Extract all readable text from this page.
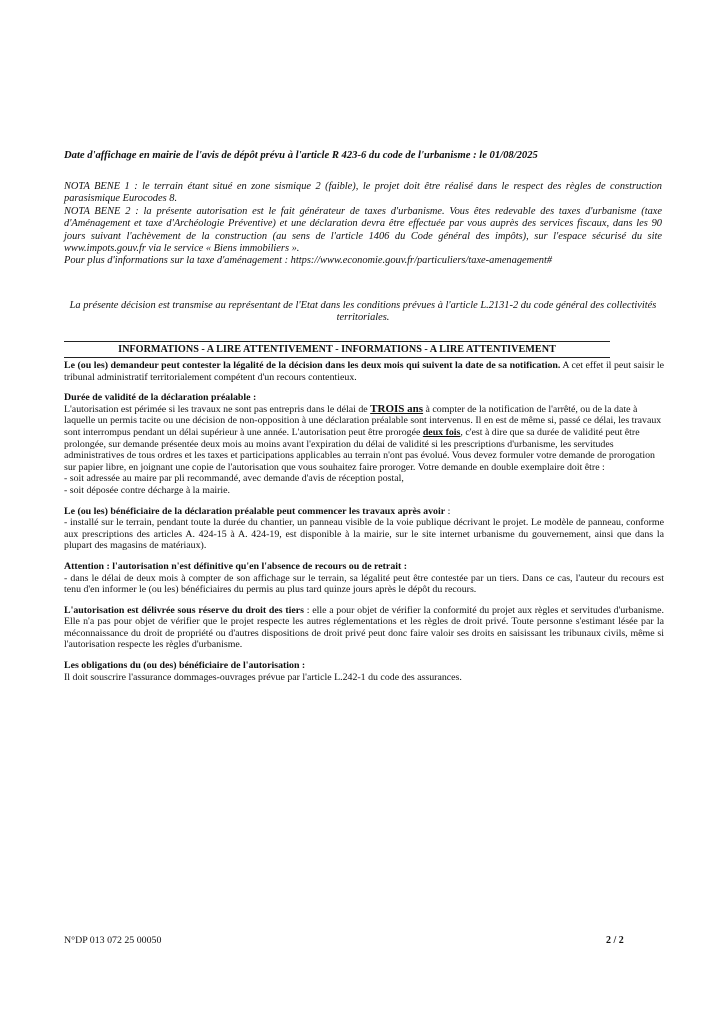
Date d'affichage en mairie de l'avis de dépôt prévu à l'article R 423-6 du code de l'urbanisme : le 01/08/2025

NOTA BENE 1 : le terrain étant situé en zone sismique 2 (faible), le projet doit être réalisé dans le respect des règles de construction parasismique Eurocodes 8.

NOTA BENE 2 : la présente autorisation est le fait générateur de taxes d'urbanisme. Vous êtes redevable des taxes d'urbanisme (taxe d'Aménagement et taxe d'Archéologie Préventive) et une déclaration devra être effectuée par vous auprès des services fiscaux, dans les 90 jours suivant l'achèvement de la construction (au sens de l'article 1406 du Code général des impôts), sur l'espace sécurisé du site www.impots.gouv.fr via le service « Biens immobiliers ».

Pour plus d'informations sur la taxe d'aménagement : https://www.economie.gouv.fr/particuliers/taxe-amenagement#

La présente décision est transmise au représentant de l'Etat dans les conditions prévues à l'article L.2131-2 du code général des collectivités territoriales.
INFORMATIONS - A LIRE ATTENTIVEMENT - INFORMATIONS - A LIRE ATTENTIVEMENT

Le (ou les) demandeur peut contester la légalité de la décision dans les deux mois qui suivent la date de sa notification. A cet effet il peut saisir le tribunal administratif territorialement compétent d'un recours contentieux.

Durée de validité de la déclaration préalable :

L'autorisation est périmée si les travaux ne sont pas entrepris dans le délai de TROIS ans à compter de la notification de l'arrêté, ou de la date à laquelle un permis tacite ou une décision de non-opposition à une déclaration préalable sont intervenus. Il en est de même si, passé ce délai, les travaux sont interrompus pendant un délai supérieur à une année. L'autorisation peut être prorogée deux fois, c'est à dire que sa durée de validité peut être prolongée, sur demande présentée deux mois au moins avant l'expiration du délai de validité si les prescriptions d'urbanisme, les servitudes administratives de tous ordres et les taxes et participations applicables au terrain n'ont pas évolué. Vous devez formuler votre demande de prorogation sur papier libre, en joignant une copie de l'autorisation que vous souhaitez faire proroger. Votre demande en double exemplaire doit être :

- soit adressée au maire par pli recommandé, avec demande d'avis de réception postal,

- soit déposée contre décharge à la mairie.

Le (ou les) bénéficiaire de la déclaration préalable peut commencer les travaux après avoir :

- installé sur le terrain, pendant toute la durée du chantier, un panneau visible de la voie publique décrivant le projet. Le modèle de panneau, conforme aux prescriptions des articles A. 424-15 à A. 424-19, est disponible à la mairie, sur le site internet urbanisme du gouvernement, ainsi que dans la plupart des magasins de matériaux).

Attention : l'autorisation n'est définitive qu'en l'absence de recours ou de retrait :

- dans le délai de deux mois à compter de son affichage sur le terrain, sa légalité peut être contestée par un tiers. Dans ce cas, l'auteur du recours est tenu d'en informer le (ou les) bénéficiaires du permis au plus tard quinze jours après le dépôt du recours.

L'autorisation est délivrée sous réserve du droit des tiers : elle a pour objet de vérifier la conformité du projet aux règles et servitudes d'urbanisme. Elle n'a pas pour objet de vérifier que le projet respecte les autres réglementations et les règles de droit privé. Toute personne s'estimant lésée par la méconnaissance du droit de propriété ou d'autres dispositions de droit privé peut donc faire valoir ses droits en saisissant les tribunaux civils, même si l'autorisation respecte les règles d'urbanisme.

Les obligations du (ou des) bénéficiaire de l'autorisation :

Il doit souscrire l'assurance dommages-ouvrages prévue par l'article L.242-1 du code des assurances.

N°DP 013 072 25 00050	2 / 2
